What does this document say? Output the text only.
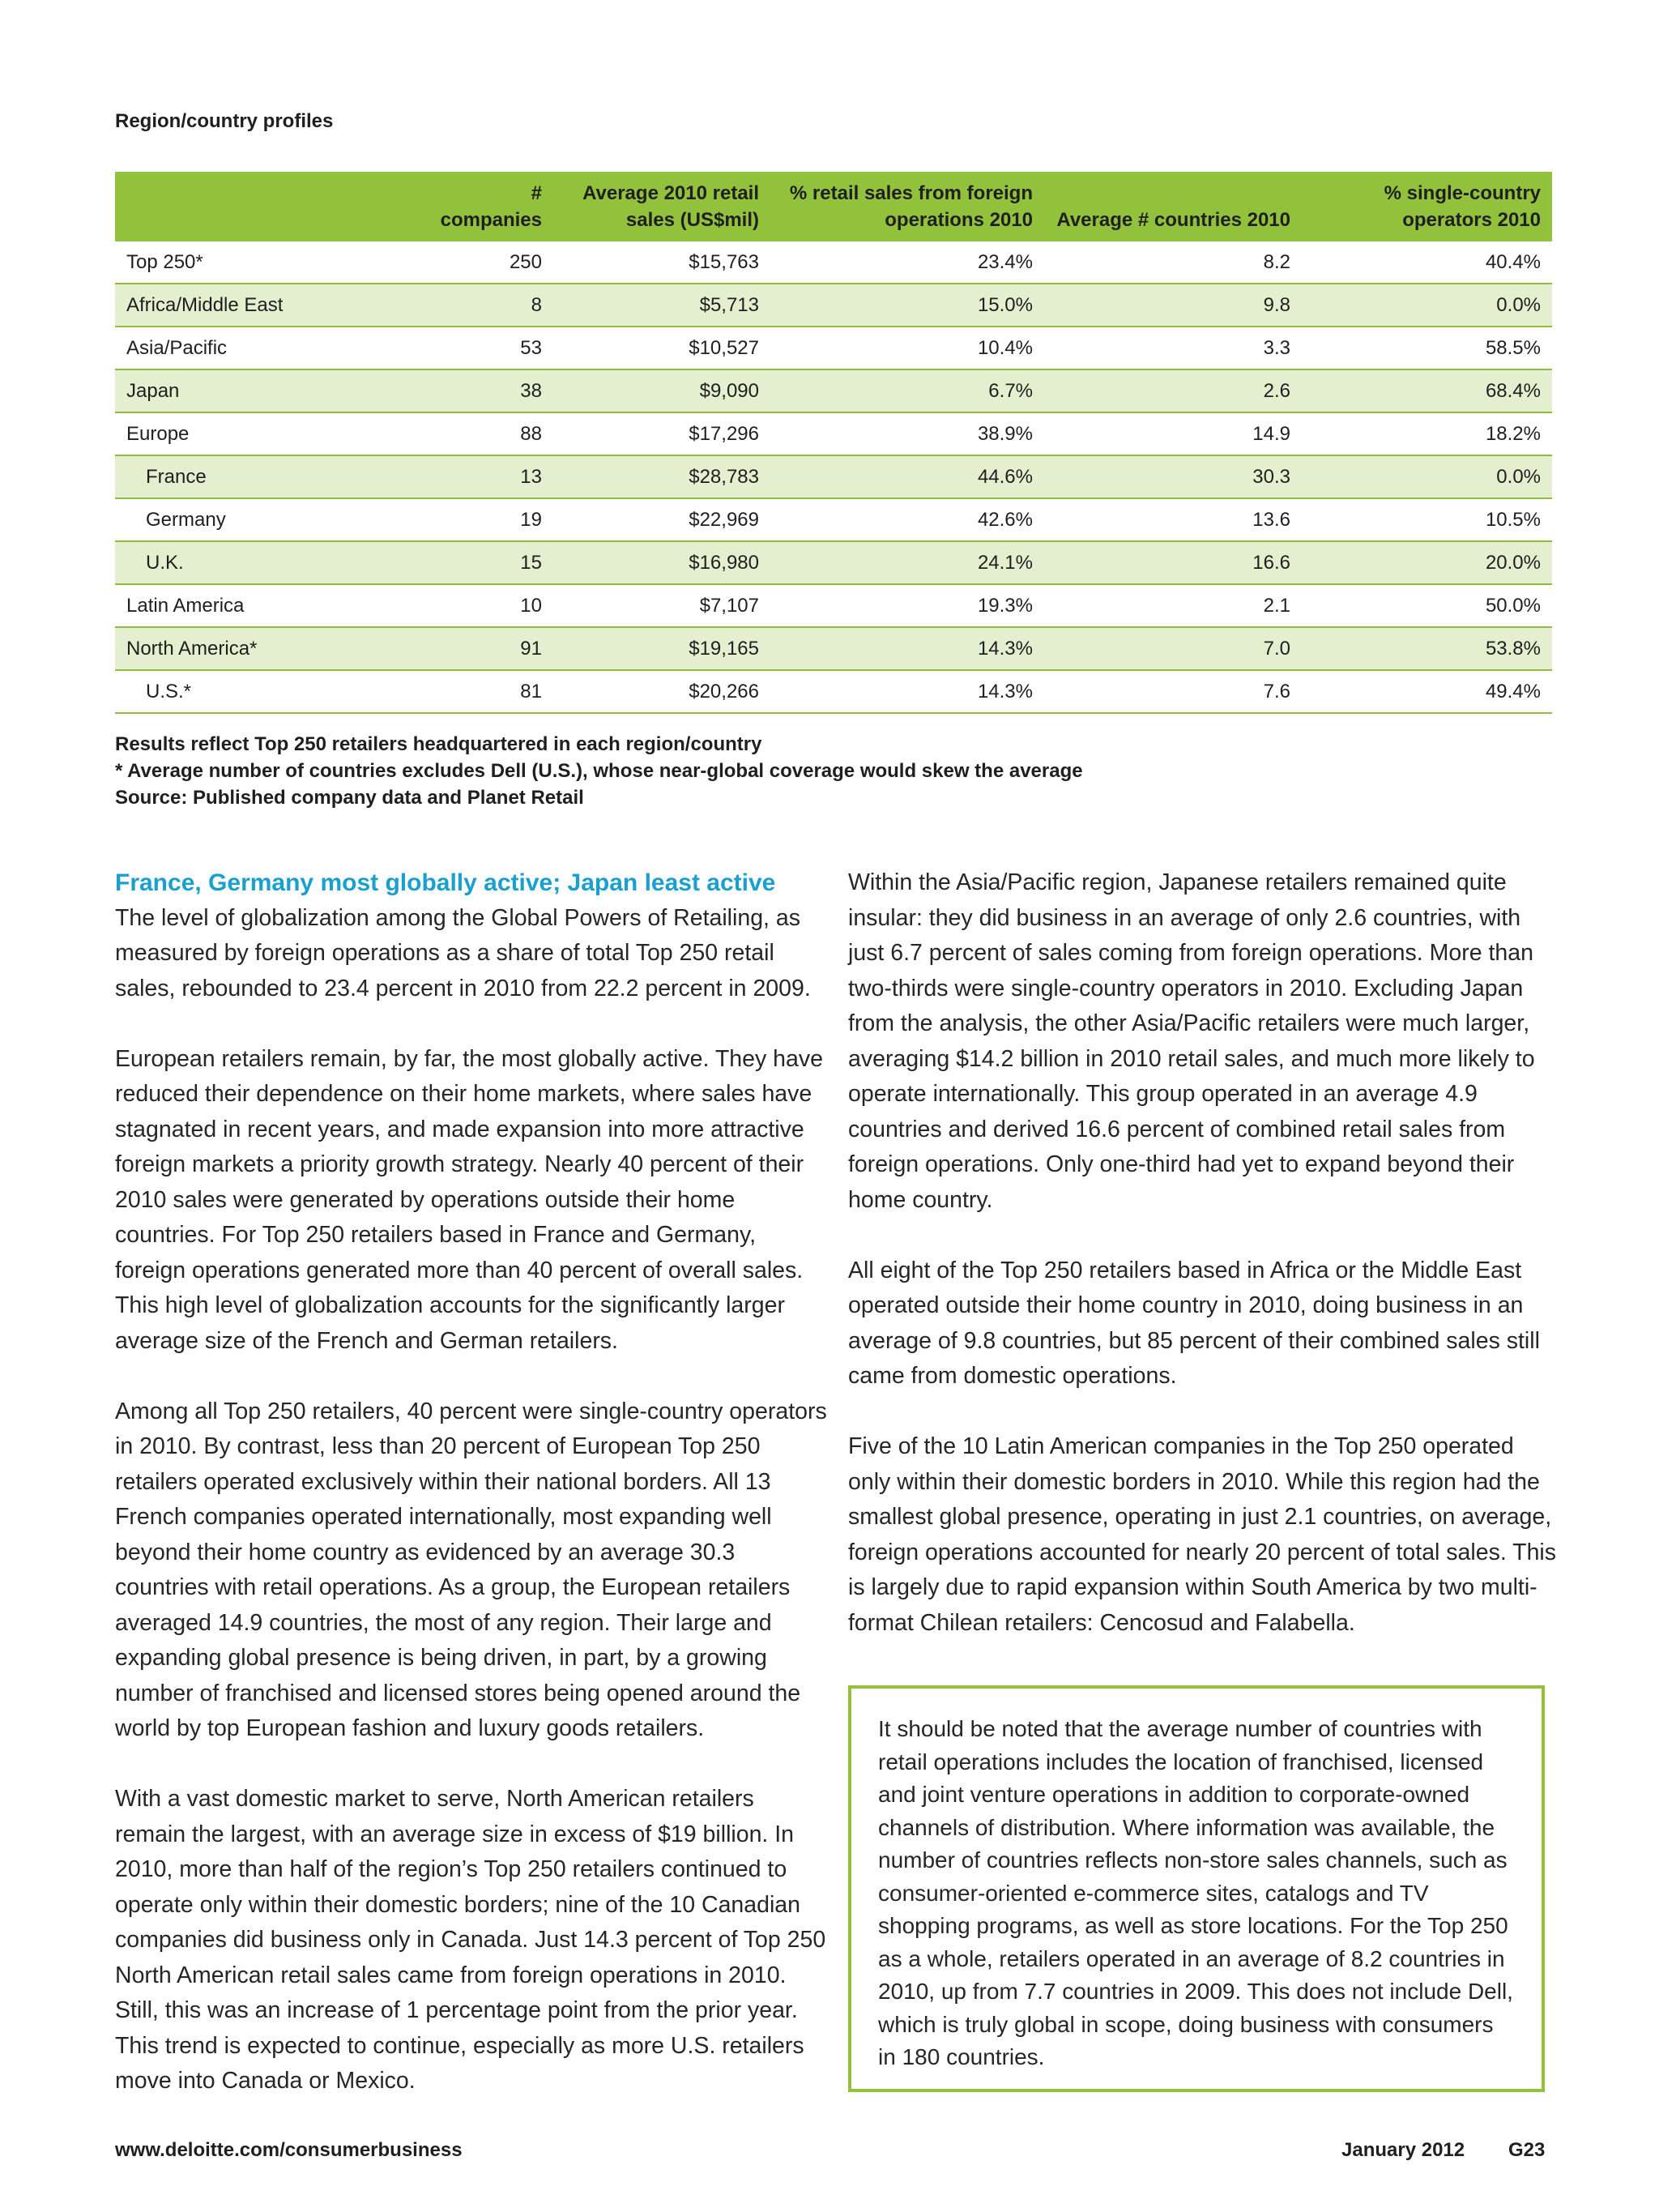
Region/country profiles
	# companies	Average 2010 retail sales (US$mil)	% retail sales from foreign operations 2010	Average # countries 2010	% single-country operators 2010
Top 250*	250	$15,763	23.4%	8.2	40.4%
Africa/Middle East	8	$5,713	15.0%	9.8	0.0%
Asia/Pacific	53	$10,527	10.4%	3.3	58.5%
Japan	38	$9,090	6.7%	2.6	68.4%
Europe	88	$17,296	38.9%	14.9	18.2%
France	13	$28,783	44.6%	30.3	0.0%
Germany	19	$22,969	42.6%	13.6	10.5%
U.K.	15	$16,980	24.1%	16.6	20.0%
Latin America	10	$7,107	19.3%	2.1	50.0%
North America*	91	$19,165	14.3%	7.0	53.8%
U.S.*	81	$20,266	14.3%	7.6	49.4%
Results reflect Top 250 retailers headquartered in each region/country
* Average number of countries excludes Dell (U.S.), whose near-global coverage would skew the average
Source: Published company data and Planet Retail
France, Germany most globally active; Japan least active

The level of globalization among the Global Powers of Retailing, as measured by foreign operations as a share of total Top 250 retail sales, rebounded to 23.4 percent in 2010 from 22.2 percent in 2009.

European retailers remain, by far, the most globally active. They have reduced their dependence on their home markets, where sales have stagnated in recent years, and made expansion into more attractive foreign markets a priority growth strategy. Nearly 40 percent of their 2010 sales were generated by operations outside their home countries. For Top 250 retailers based in France and Germany, foreign operations generated more than 40 percent of overall sales. This high level of globalization accounts for the significantly larger average size of the French and German retailers.

Among all Top 250 retailers, 40 percent were single-country operators in 2010. By contrast, less than 20 percent of European Top 250 retailers operated exclusively within their national borders. All 13 French companies operated internationally, most expanding well beyond their home country as evidenced by an average 30.3 countries with retail operations. As a group, the European retailers averaged 14.9 countries, the most of any region. Their large and expanding global presence is being driven, in part, by a growing number of franchised and licensed stores being opened around the world by top European fashion and luxury goods retailers.

With a vast domestic market to serve, North American retailers remain the largest, with an average size in excess of $19 billion. In 2010, more than half of the region’s Top 250 retailers continued to operate only within their domestic borders; nine of the 10 Canadian companies did business only in Canada. Just 14.3 percent of Top 250 North American retail sales came from foreign operations in 2010. Still, this was an increase of 1 percentage point from the prior year. This trend is expected to continue, especially as more U.S. retailers move into Canada or Mexico.

Within the Asia/Pacific region, Japanese retailers remained quite insular: they did business in an average of only 2.6 countries, with just 6.7 percent of sales coming from foreign operations. More than two-thirds were single-country operators in 2010. Excluding Japan from the analysis, the other Asia/Pacific retailers were much larger, averaging $14.2 billion in 2010 retail sales, and much more likely to operate internationally. This group operated in an average 4.9 countries and derived 16.6 percent of combined retail sales from foreign operations. Only one-third had yet to expand beyond their home country.

All eight of the Top 250 retailers based in Africa or the Middle East operated outside their home country in 2010, doing business in an average of 9.8 countries, but 85 percent of their combined sales still came from domestic operations.

Five of the 10 Latin American companies in the Top 250 operated only within their domestic borders in 2010. While this region had the smallest global presence, operating in just 2.1 countries, on average, foreign operations accounted for nearly 20 percent of total sales. This is largely due to rapid expansion within South America by two multi-format Chilean retailers: Cencosud and Falabella.

It should be noted that the average number of countries with retail operations includes the location of franchised, licensed and joint venture operations in addition to corporate-owned channels of distribution. Where information was available, the number of countries reflects non-store sales channels, such as consumer-oriented e-commerce sites, catalogs and TV shopping programs, as well as store locations. For the Top 250 as a whole, retailers operated in an average of 8.2 countries in 2010, up from 7.7 countries in 2009. This does not include Dell, which is truly global in scope, doing business with consumers in 180 countries.
www.deloitte.com/consumerbusiness	January 2012 G23
